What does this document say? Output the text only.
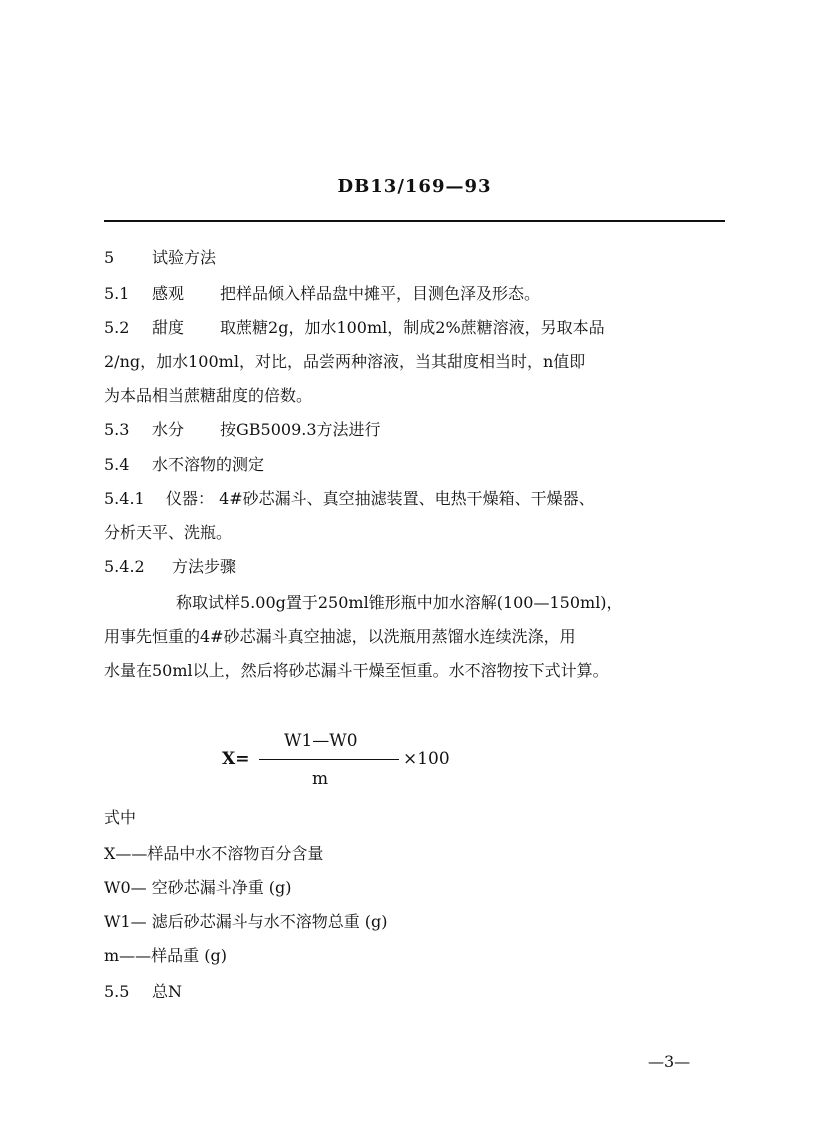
DB13/169—93
5 试验方法
5.1 感观 把样品倾入样品盘中摊平，目测色泽及形态。
5.2 甜度 取蔗糖2g，加水100ml，制成2%蔗糖溶液，另取本品
2/ng，加水100ml，对比，品尝两种溶液，当其甜度相当时，n值即
为本品相当蔗糖甜度的倍数。
5.3 水分 按GB5009.3方法进行
5.4 水不溶物的测定
5.4.1 仪器： 4#砂芯漏斗、真空抽滤装置、电热干燥箱、干燥器、
分析天平、洗瓶。
5.4.2 方法步骤
称取试样5.00g置于250ml锥形瓶中加水溶解(100—150ml)，
用事先恒重的4#砂芯漏斗真空抽滤，以洗瓶用蒸馏水连续洗涤，用
水量在50ml以上，然后将砂芯漏斗干燥至恒重。水不溶物按下式计算。
X=
W1—W0
m
×100
式中
X——样品中水不溶物百分含量
W0— 空砂芯漏斗净重 (g)
W1— 滤后砂芯漏斗与水不溶物总重 (g)
m——样品重 (g)
5.5 总N
—3—
